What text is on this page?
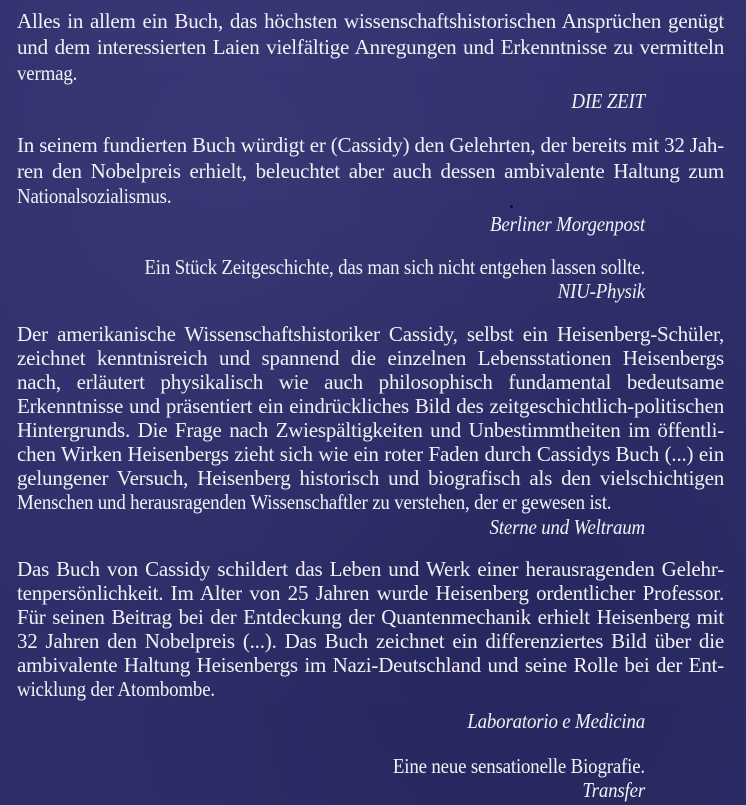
Alles in allem ein Buch, das höchsten wissenschaftshistorischen Ansprüchen genügt
und dem interessierten Laien vielfältige Anregungen und Erkenntnisse zu vermitteln
vermag.
DIE ZEIT
In seinem fundierten Buch würdigt er (Cassidy) den Gelehrten, der bereits mit 32 Jah-
ren den Nobelpreis erhielt, beleuchtet aber auch dessen ambivalente Haltung zum
Nationalsozialismus.
Berliner Morgenpost
Ein Stück Zeitgeschichte, das man sich nicht entgehen lassen sollte.
NIU-Physik
Der amerikanische Wissenschaftshistoriker Cassidy, selbst ein Heisenberg-Schüler,
zeichnet kenntnisreich und spannend die einzelnen Lebensstationen Heisenbergs
nach, erläutert physikalisch wie auch philosophisch fundamental bedeutsame
Erkenntnisse und präsentiert ein eindrückliches Bild des zeitgeschichtlich-politischen
Hintergrunds. Die Frage nach Zwiespältigkeiten und Unbestimmtheiten im öffentli-
chen Wirken Heisenbergs zieht sich wie ein roter Faden durch Cassidys Buch (...) ein
gelungener Versuch, Heisenberg historisch und biografisch als den vielschichtigen
Menschen und herausragenden Wissenschaftler zu verstehen, der er gewesen ist.
Sterne und Weltraum
Das Buch von Cassidy schildert das Leben und Werk einer herausragenden Gelehr-
tenpersönlichkeit. Im Alter von 25 Jahren wurde Heisenberg ordentlicher Professor.
Für seinen Beitrag bei der Entdeckung der Quantenmechanik erhielt Heisenberg mit
32 Jahren den Nobelpreis (...). Das Buch zeichnet ein differenziertes Bild über die
ambivalente Haltung Heisenbergs im Nazi-Deutschland und seine Rolle bei der Ent-
wicklung der Atombombe.
Laboratorio e Medicina
Eine neue sensationelle Biografie.
Transfer
